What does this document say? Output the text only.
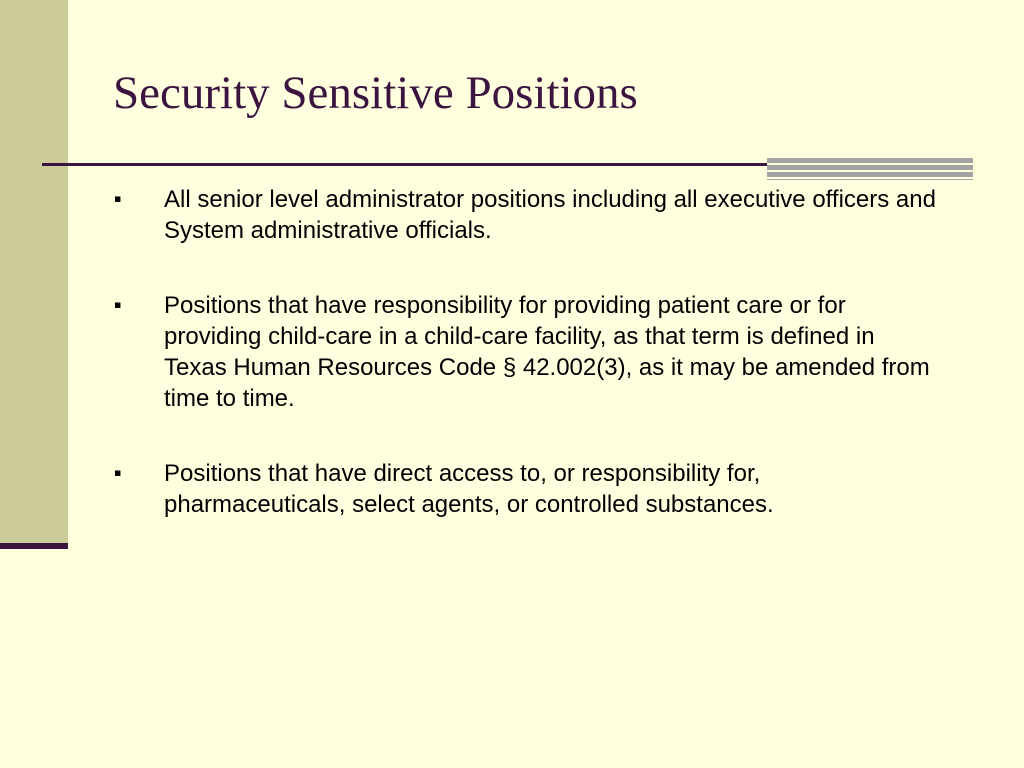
Security Sensitive Positions
▪	All senior level administrator positions including all executive officers and System administrative officials.
▪	Positions that have responsibility for providing patient care or for providing child-care in a child-care facility, as that term is defined in Texas Human Resources Code § 42.002(3), as it may be amended from time to time.
▪	Positions that have direct access to, or responsibility for, pharmaceuticals, select agents, or controlled substances.
